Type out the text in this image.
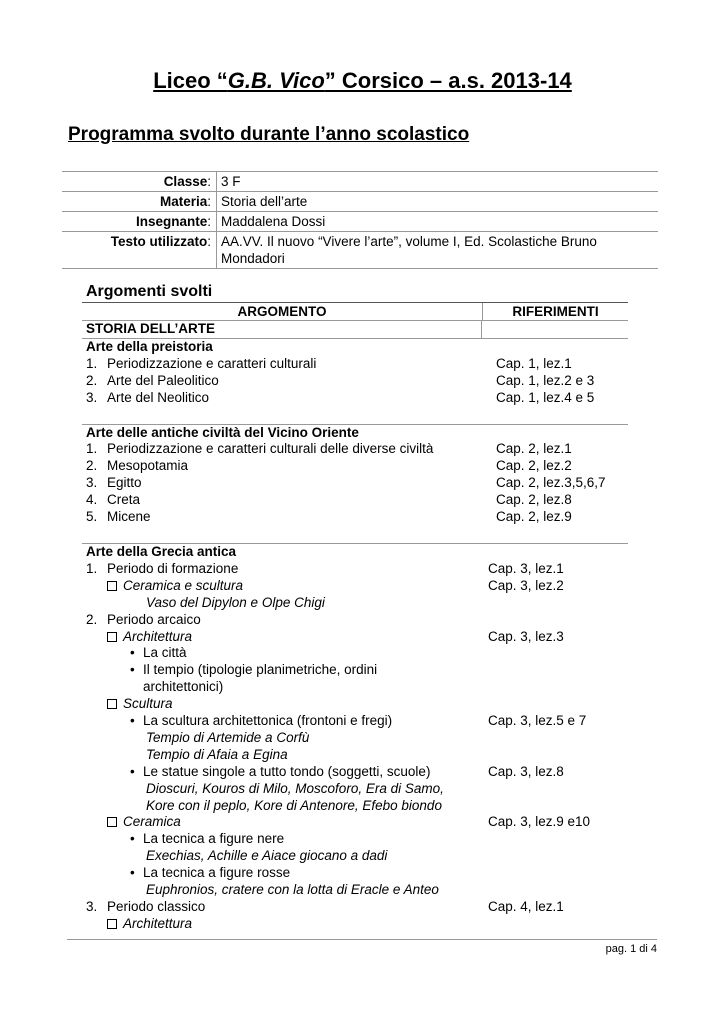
Liceo “G.B. Vico” Corsico – a.s. 2013-14
Programma svolto durante l’anno scolastico
Classe: 3 F
Materia: Storia dell’arte
Insegnante: Maddalena Dossi
Testo utilizzato: AA.VV. Il nuovo “Vivere l’arte”, volume I, Ed. Scolastiche Bruno
Mondadori
Argomenti svolti
ARGOMENTO	RIFERIMENTI
STORIA DELL’ARTE
Arte della preistoria
1. Periodizzazione e caratteri culturali	Cap. 1, lez.1
2. Arte del Paleolitico	Cap. 1, lez.2 e 3
3. Arte del Neolitico	Cap. 1, lez.4 e 5
Arte delle antiche civiltà del Vicino Oriente
1. Periodizzazione e caratteri culturali delle diverse civiltà	Cap. 2, lez.1
2. Mesopotamia	Cap. 2, lez.2
3. Egitto	Cap. 2, lez.3,5,6,7
4. Creta	Cap. 2, lez.8
5. Micene	Cap. 2, lez.9
Arte della Grecia antica
1. Periodo di formazione	Cap. 3, lez.1
Ceramica e scultura	Cap. 3, lez.2
Vaso del Dipylon e Olpe Chigi
2. Periodo arcaico
Architettura	Cap. 3, lez.3
• La città
• Il tempio (tipologie planimetriche, ordini
architettonici)
Scultura
• La scultura architettonica (frontoni e fregi)	Cap. 3, lez.5 e 7
Tempio di Artemide a Corfù
Tempio di Afaia a Egina
• Le statue singole a tutto tondo (soggetti, scuole)	Cap. 3, lez.8
Dioscuri, Kouros di Milo, Moscoforo, Era di Samo,
Kore con il peplo, Kore di Antenore, Efebo biondo
Ceramica	Cap. 3, lez.9 e10
• La tecnica a figure nere
Exechias, Achille e Aiace giocano a dadi
• La tecnica a figure rosse
Euphronios, cratere con la lotta di Eracle e Anteo
3. Periodo classico	Cap. 4, lez.1
Architettura
pag. 1 di 4
